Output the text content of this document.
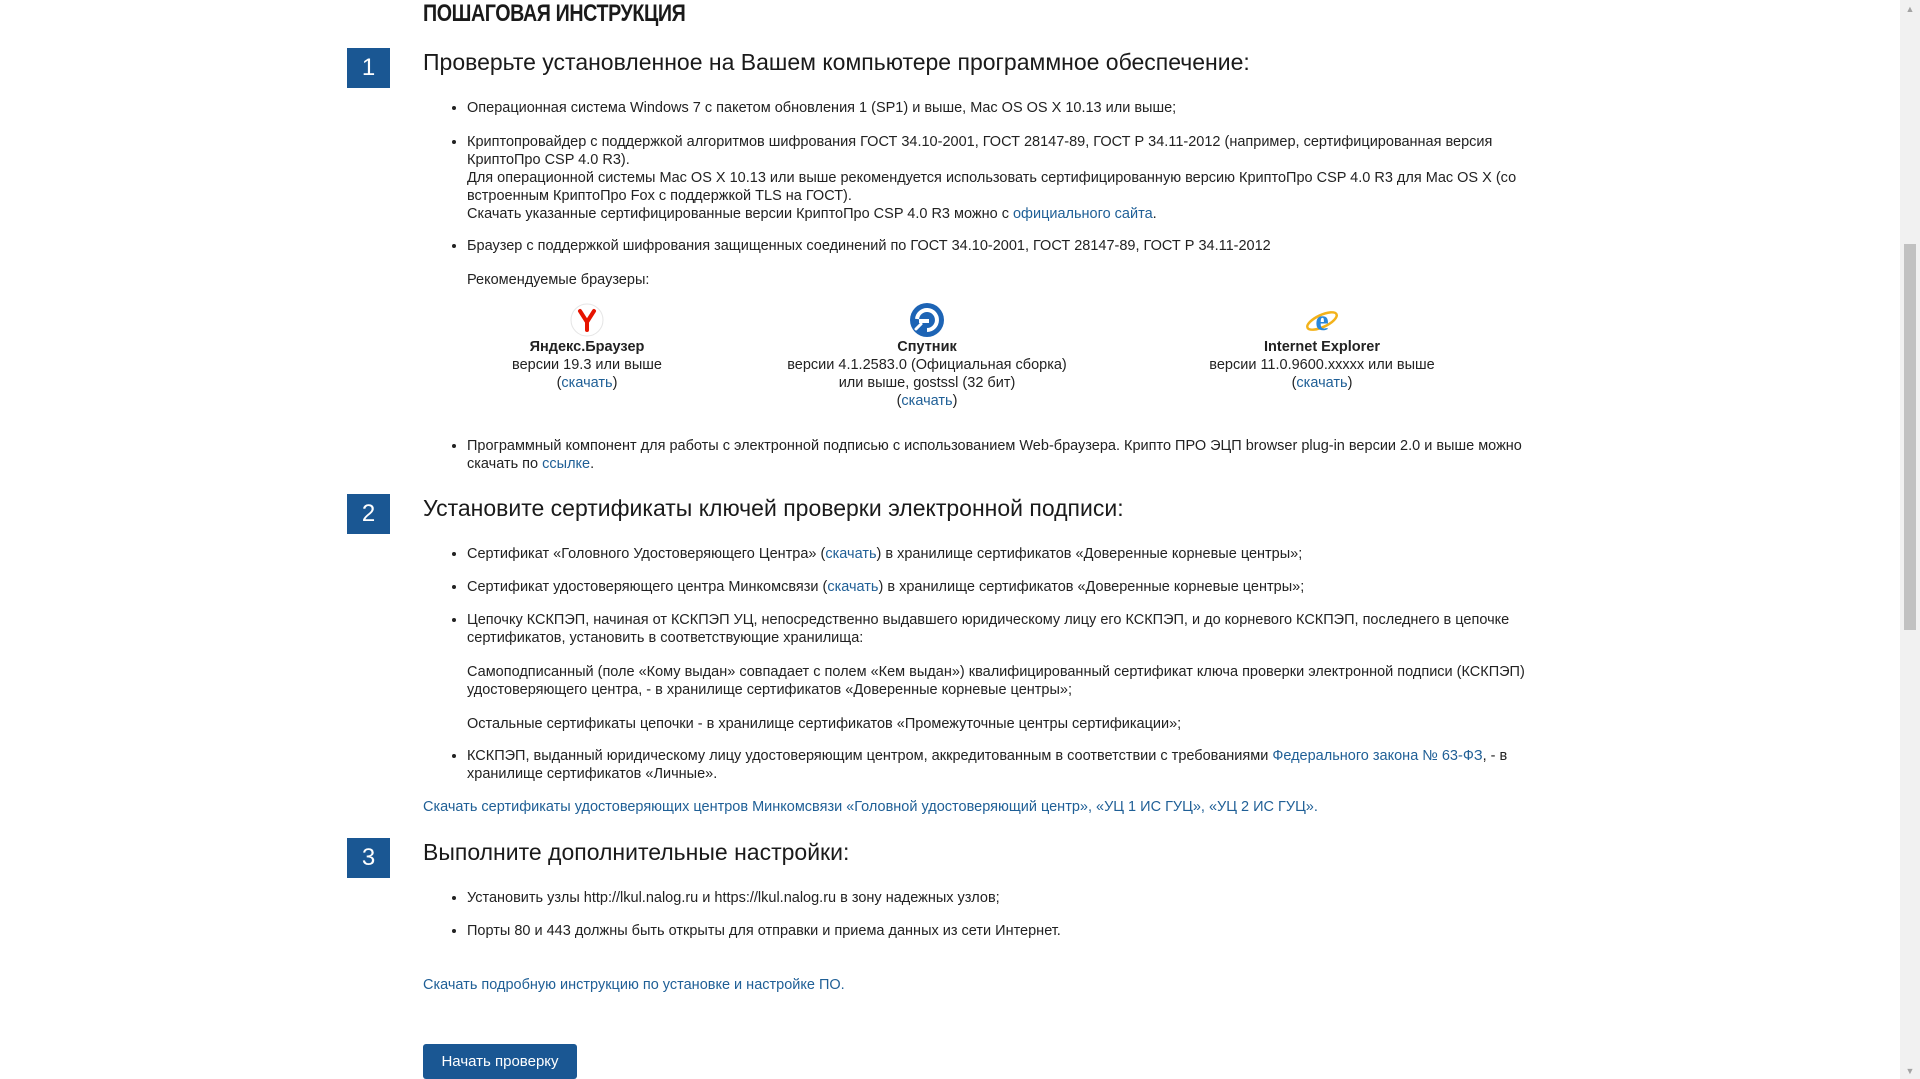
ПОШАГОВАЯ ИНСТРУКЦИЯ
1	Проверьте установленное на Вашем компьютере программное обеспечение:
• Операционная система Windows 7 с пакетом обновления 1 (SP1) и выше, Mac OS OS X 10.13 или выше;
• Криптопровайдер с поддержкой алгоритмов шифрования ГОСТ 34.10-2001, ГОСТ 28147-89, ГОСТ Р 34.11-2012 (например, сертифицированная версия КриптоПро CSP 4.0 R3).
Для операционной системы Mac OS X 10.13 или выше рекомендуется использовать сертифицированную версию КриптоПро CSP 4.0 R3 для Mac OS X (со встроенным КриптоПро Fox с поддержкой TLS на ГОСТ).
Скачать указанные сертифицированные версии КриптоПро CSP 4.0 R3 можно с официального сайта.
• Браузер с поддержкой шифрования защищенных соединений по ГОСТ 34.10-2001, ГОСТ 28147-89, ГОСТ Р 34.11-2012
Рекомендуемые браузеры:
Яндекс.Браузер
версии 19.3 или выше
(скачать)
Спутник
версии 4.1.2583.0 (Официальная сборка)
или выше, gostssl (32 бит)
(скачать)
e
Internet Explorer
версии 11.0.9600.xxxxx или выше
(скачать)
• Программный компонент для работы с электронной подписью с использованием Web-браузера. Крипто ПРО ЭЦП browser plug-in версии 2.0 и выше можно скачать по ссылке.
2	Установите сертификаты ключей проверки электронной подписи:
• Сертификат «Головного Удостоверяющего Центра» (скачать) в хранилище сертификатов «Доверенные корневые центры»;
• Сертификат удостоверяющего центра Минкомсвязи (скачать) в хранилище сертификатов «Доверенные корневые центры»;
• Цепочку КСКПЭП, начиная от КСКПЭП УЦ, непосредственно выдавшего юридическому лицу его КСКПЭП, и до корневого КСКПЭП, последнего в цепочке сертификатов, установить в соответствующие хранилища:
Самоподписанный (поле «Кому выдан» совпадает с полем «Кем выдан») квалифицированный сертификат ключа проверки электронной подписи (КСКПЭП) удостоверяющего центра, - в хранилище сертификатов «Доверенные корневые центры»;
Остальные сертификаты цепочки - в хранилище сертификатов «Промежуточные центры сертификации»;
• КСКПЭП, выданный юридическому лицу удостоверяющим центром, аккредитованным в соответствии с требованиями Федерального закона № 63-ФЗ, - в хранилище сертификатов «Личные».
Скачать сертификаты удостоверяющих центров Минкомсвязи «Головной удостоверяющий центр», «УЦ 1 ИС ГУЦ», «УЦ 2 ИС ГУЦ».
3	Выполните дополнительные настройки:
• Установить узлы http://lkul.nalog.ru и https://lkul.nalog.ru в зону надежных узлов;
• Порты 80 и 443 должны быть открыты для отправки и приема данных из сети Интернет.
Скачать подробную инструкцию по установке и настройке ПО.
Начать проверку
▲
▼
